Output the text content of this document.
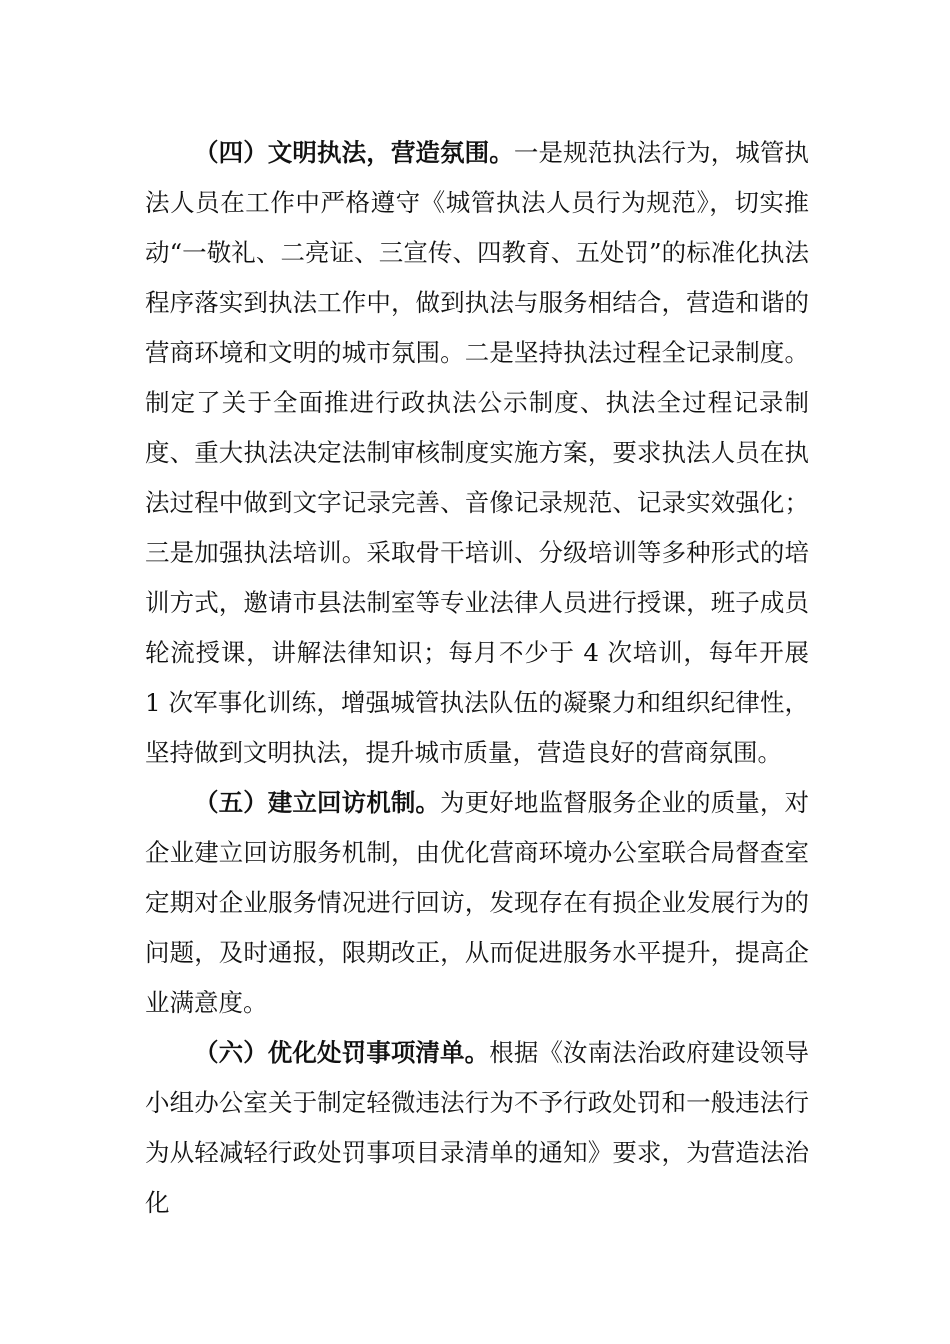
（四）文明执法，营造氛围。一是规范执法行为，城管执法人员在工作中严格遵守《城管执法人员行为规范》，切实推动“一敬礼、二亮证、三宣传、四教育、五处罚”的标准化执法程序落实到执法工作中，做到执法与服务相结合，营造和谐的营商环境和文明的城市氛围。二是坚持执法过程全记录制度。制定了关于全面推进行政执法公示制度、执法全过程记录制度、重大执法决定法制审核制度实施方案，要求执法人员在执法过程中做到文字记录完善、音像记录规范、记录实效强化；三是加强执法培训。采取骨干培训、分级培训等多种形式的培训方式，邀请市县法制室等专业法律人员进行授课，班子成员轮流授课，讲解法律知识；每月不少于 4 次培训，每年开展 1 次军事化训练，增强城管执法队伍的凝聚力和组织纪律性，坚持做到文明执法，提升城市质量，营造良好的营商氛围。

（五）建立回访机制。为更好地监督服务企业的质量，对企业建立回访服务机制，由优化营商环境办公室联合局督查室定期对企业服务情况进行回访，发现存在有损企业发展行为的问题，及时通报，限期改正，从而促进服务水平提升，提高企业满意度。

（六）优化处罚事项清单。根据《汝南法治政府建设领导小组办公室关于制定轻微违法行为不予行政处罚和一般违法行为从轻减轻行政处罚事项目录清单的通知》要求，为营造法治化
